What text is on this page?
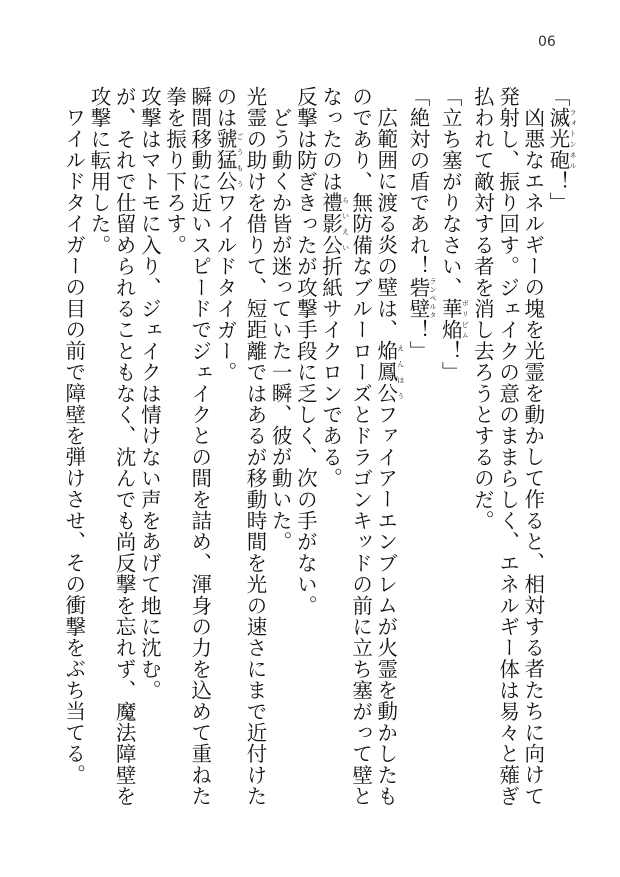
06

「滅光砲 フォトンネル！」

凶悪なエネルギーの塊を光霊を動かして作ると、相対する者たちに向けて発射し、振り回す。ジェイクの意のままらしく、エネルギー体は易々と薙ぎ払われて敵対する者を消し去ろうとするのだ。

「立ち塞がりなさい、華焔 ボリビム！」

「絶対の盾であれ！砦壁 ランペルタ！」

広範囲に渡る炎の壁は、焔鳳公 えんほうファイアーエンブレムが火霊を動かしたものであり、無防備なブルーローズとドラゴンキッドの前に立ち塞がって壁となったのは禮影公 らいえい折紙サイクロンである。

反撃は防ぎきったが攻撃手段に乏しく、次の手がない。

どう動くか皆が迷っていた一瞬、彼が動いた。

光霊の助けを借りて、短距離ではあるが移動時間を光の速さにまで近付けたのは虢猛公 ごうもうワイルドタイガー。

瞬間移動に近いスピードでジェイクとの間を詰め、渾身の力を込めて重ねた拳を振り下ろす。

攻撃はマトモに入り、ジェイクは情けない声をあげて地に沈む。

が、それで仕留められることもなく、沈んでも尚反撃を忘れず、魔法障壁を攻撃に転用した。

ワイルドタイガーの目の前で障壁を弾けさせ、その衝撃をぶち当てる。
